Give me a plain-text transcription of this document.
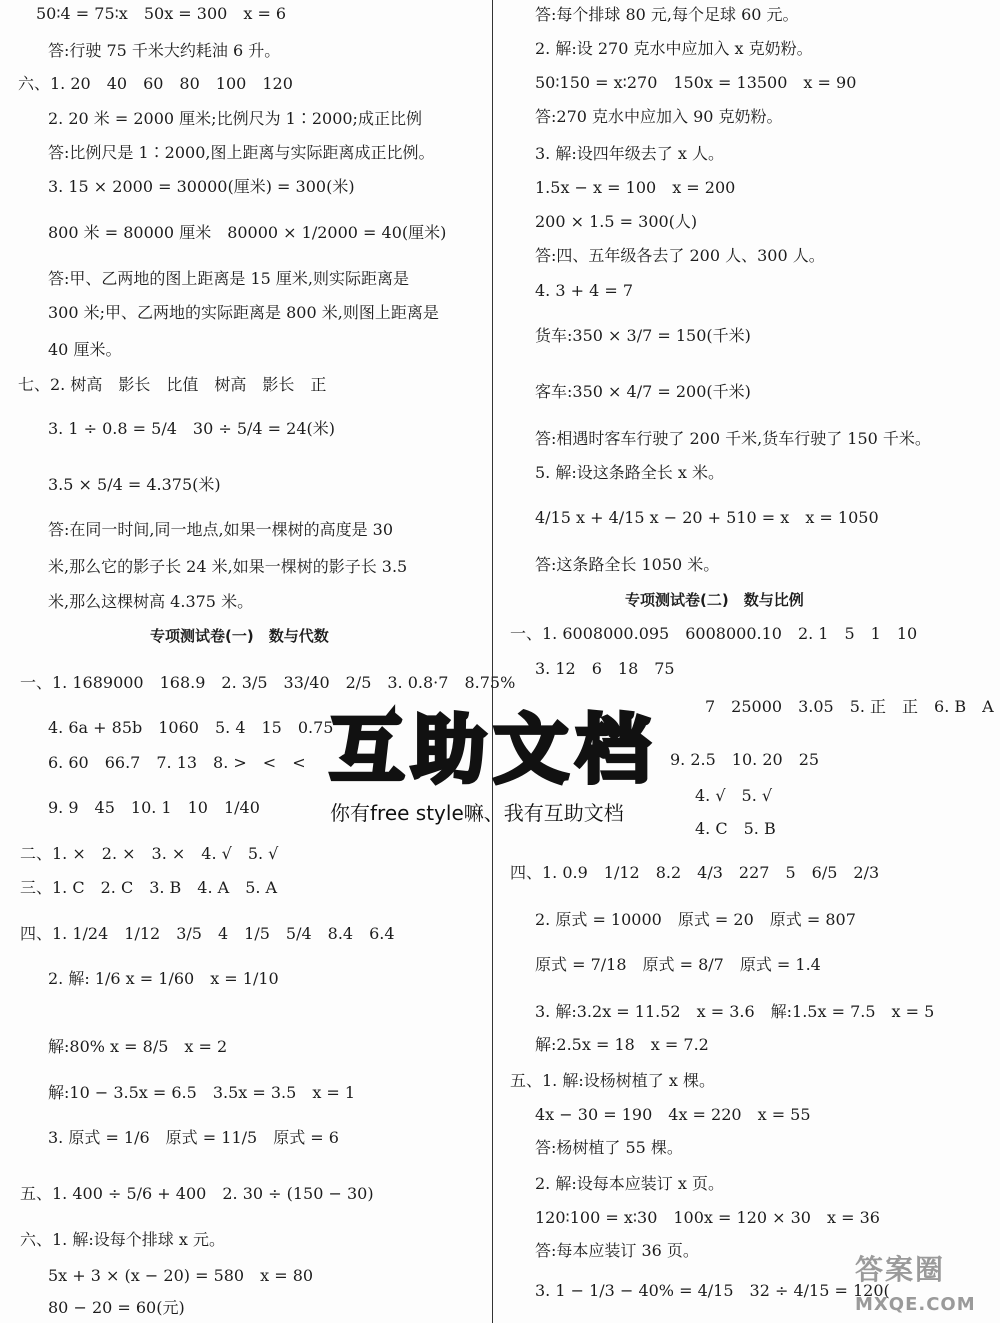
50∶4 = 75∶x　50x = 300　x = 6
答:行驶 75 千米大约耗油 6 升。
六、1. 20　40　60　80　100　120
2. 20 米 = 2000 厘米;比例尺为 1∶2000;成正比例
答:比例尺是 1∶2000,图上距离与实际距离成正比例。
3. 15 × 2000 = 30000(厘米) = 300(米)
800 米 = 80000 厘米　80000 × 1/2000 = 40(厘米)
答:甲、乙两地的图上距离是 15 厘米,则实际距离是
300 米;甲、乙两地的实际距离是 800 米,则图上距离是
40 厘米。
七、2. 树高　影长　比值　树高　影长　正
3. 1 ÷ 0.8 = 5/4　30 ÷ 5/4 = 24(米)
3.5 × 5/4 = 4.375(米)
答:在同一时间,同一地点,如果一棵树的高度是 30
米,那么它的影子长 24 米,如果一棵树的影子长 3.5
米,那么这棵树高 4.375 米。
专项测试卷(一)　数与代数
一、1. 1689000　168.9　2. 3/5　33/40　2/5　3. 0.8·7　8.75%
4. 6a + 85b　1060　5. 4　15　0.75
6. 60　66.7　7. 13　8. >　<　<
9. 9　45　10. 1　10　1/40
二、1. ×　2. ×　3. ×　4. √　5. √
三、1. C　2. C　3. B　4. A　5. A
四、1. 1/24　1/12　3/5　4　1/5　5/4　8.4　6.4
2. 解: 1/6 x = 1/60　x = 1/10
解:80% x = 8/5　x = 2
解:10 − 3.5x = 6.5　3.5x = 3.5　x = 1
3. 原式 = 1/6　原式 = 11/5　原式 = 6
五、1. 400 ÷ 5/6 + 400　2. 30 ÷ (150 − 30)
六、1. 解:设每个排球 x 元。
5x + 3 × (x − 20) = 580　x = 80
80 − 20 = 60(元)
答:每个排球 80 元,每个足球 60 元。
2. 解:设 270 克水中应加入 x 克奶粉。
50∶150 = x∶270　150x = 13500　x = 90
答:270 克水中应加入 90 克奶粉。
3. 解:设四年级去了 x 人。
1.5x − x = 100　x = 200
200 × 1.5 = 300(人)
答:四、五年级各去了 200 人、300 人。
4. 3 + 4 = 7
货车:350 × 3/7 = 150(千米)
客车:350 × 4/7 = 200(千米)
答:相遇时客车行驶了 200 千米,货车行驶了 150 千米。
5. 解:设这条路全长 x 米。
4/15 x + 4/15 x − 20 + 510 = x　x = 1050
答:这条路全长 1050 米。
专项测试卷(二)　数与比例
一、1. 6008000.095　6008000.10　2. 1　5　1　10
3. 12　6　18　75
7　25000　3.05　5. 正　正　6. B　A
9. 2.5　10. 20　25
4. √　5. √
4. C　5. B
四、1. 0.9　1/12　8.2　4/3　227　5　6/5　2/3
2. 原式 = 10000　原式 = 20　原式 = 807
原式 = 7/18　原式 = 8/7　原式 = 1.4
3. 解:3.2x = 11.52　x = 3.6　解:1.5x = 7.5　x = 5
解:2.5x = 18　x = 7.2
五、1. 解:设杨树植了 x 棵。
4x − 30 = 190　4x = 220　x = 55
答:杨树植了 55 棵。
2. 解:设每本应装订 x 页。
120∶100 = x∶30　100x = 120 × 30　x = 36
答:每本应装订 36 页。
3. 1 − 1/3 − 40% = 4/15　32 ÷ 4/15 = 120(
互助文档
你有free style嘛、我有互助文档
答案圈
MXQE.COM
